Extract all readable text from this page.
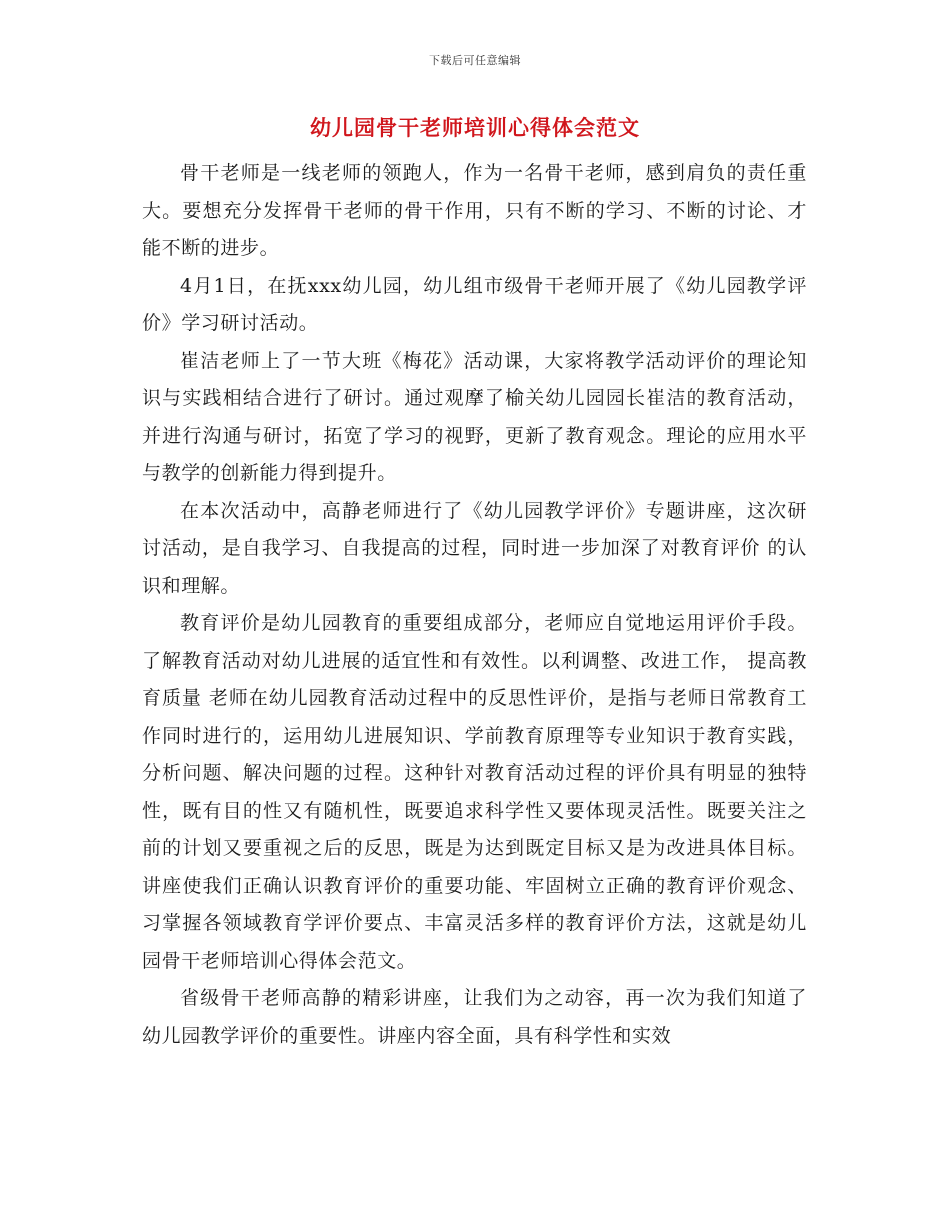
下载后可任意编辑
幼儿园骨干老师培训心得体会范文

骨干老师是一线老师的领跑人，作为一名骨干老师，感到肩负的责任重大。要想充分发挥骨干老师的骨干作用，只有不断的学习、不断的讨论、才能不断的进步。

4月1日，在抚xxx幼儿园，幼儿组市级骨干老师开展了《幼儿园教学评价》学习研讨活动。

崔洁老师上了一节大班《梅花》活动课，大家将教学活动评价的理论知识与实践相结合进行了研讨。通过观摩了榆关幼儿园园长崔洁的教育活动，并进行沟通与研讨，拓宽了学习的视野，更新了教育观念。理论的应用水平与教学的创新能力得到提升。

在本次活动中，高静老师进行了《幼儿园教学评价》专题讲座，这次研讨活动，是自我学习、自我提高的过程，同时进一步加深了对教育评价 的认识和理解。

教育评价是幼儿园教育的重要组成部分，老师应自觉地运用评价手段。了解教育活动对幼儿进展的适宜性和有效性。以利调整、改进工作， 提高教育质量 老师在幼儿园教育活动过程中的反思性评价，是指与老师日常教育工作同时进行的，运用幼儿进展知识、学前教育原理等专业知识于教育实践，分析问题、解决问题的过程。这种针对教育活动过程的评价具有明显的独特性，既有目的性又有随机性，既要追求科学性又要体现灵活性。既要关注之前的计划又要重视之后的反思，既是为达到既定目标又是为改进具体目标。讲座使我们正确认识教育评价的重要功能、牢固树立正确的教育评价观念、习掌握各领域教育学评价要点、丰富灵活多样的教育评价方法，这就是幼儿园骨干老师培训心得体会范文。

省级骨干老师高静的精彩讲座，让我们为之动容，再一次为我们知道了幼儿园教学评价的重要性。讲座内容全面，具有科学性和实效
